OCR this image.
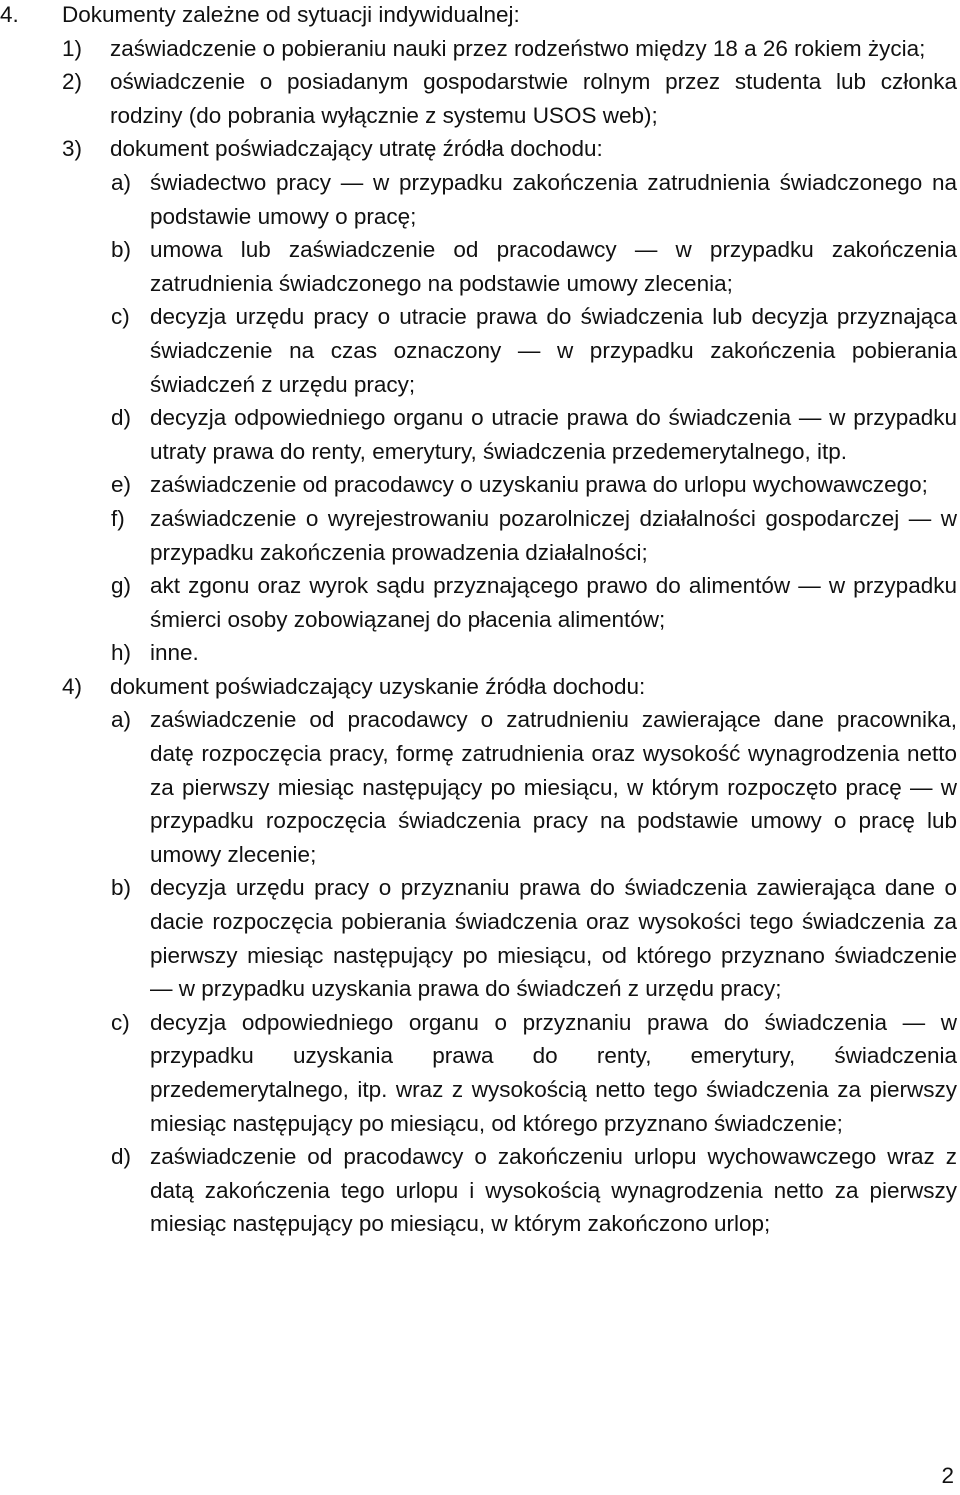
4.	Dokumenty zależne od sytuacji indywidualnej:
1)	zaświadczenie o pobieraniu nauki przez rodzeństwo między 18 a 26 rokiem życia;
2)	oświadczenie o posiadanym gospodarstwie rolnym przez studenta lub członka rodziny (do pobrania wyłącznie z systemu USOS web);
3)	dokument poświadczający utratę źródła dochodu:
a) świadectwo pracy — w przypadku zakończenia zatrudnienia świadczonego na podstawie umowy o pracę;
b) umowa lub zaświadczenie od pracodawcy — w przypadku zakończenia zatrudnienia świadczonego na podstawie umowy zlecenia;
c) decyzja urzędu pracy o utracie prawa do świadczenia lub decyzja przyznająca świadczenie na czas oznaczony — w przypadku zakończenia pobierania świadczeń z urzędu pracy;
d) decyzja odpowiedniego organu o utracie prawa do świadczenia — w przypadku utraty prawa do renty, emerytury, świadczenia przedemerytalnego, itp.
e) zaświadczenie od pracodawcy o uzyskaniu prawa do urlopu wychowawczego;
f)	zaświadczenie o wyrejestrowaniu pozarolniczej działalności gospodarczej — w przypadku zakończenia prowadzenia działalności;
g) akt zgonu oraz wyrok sądu przyznającego prawo do alimentów — w przypadku śmierci osoby zobowiązanej do płacenia alimentów;
h) inne.
4)	dokument poświadczający uzyskanie źródła dochodu:
a) zaświadczenie od pracodawcy o zatrudnieniu zawierające dane pracownika, datę rozpoczęcia pracy, formę zatrudnienia oraz wysokość wynagrodzenia netto za pierwszy miesiąc następujący po miesiącu, w którym rozpoczęto pracę — w przypadku rozpoczęcia świadczenia pracy na podstawie umowy o pracę lub umowy zlecenie;
b) decyzja urzędu pracy o przyznaniu prawa do świadczenia zawierająca dane o dacie rozpoczęcia pobierania świadczenia oraz wysokości tego świadczenia za pierwszy miesiąc następujący po miesiącu, od którego przyznano świadczenie — w przypadku uzyskania prawa do świadczeń z urzędu pracy;
c) decyzja odpowiedniego organu o przyznaniu prawa do świadczenia — w przypadku uzyskania prawa do renty, emerytury, świadczenia przedemerytalnego, itp. wraz z wysokością netto tego świadczenia za pierwszy miesiąc następujący po miesiącu, od którego przyznano świadczenie;
d) zaświadczenie od pracodawcy o zakończeniu urlopu wychowawczego wraz z datą zakończenia tego urlopu i wysokością wynagrodzenia netto za pierwszy miesiąc następujący po miesiącu, w którym zakończono urlop;
2
